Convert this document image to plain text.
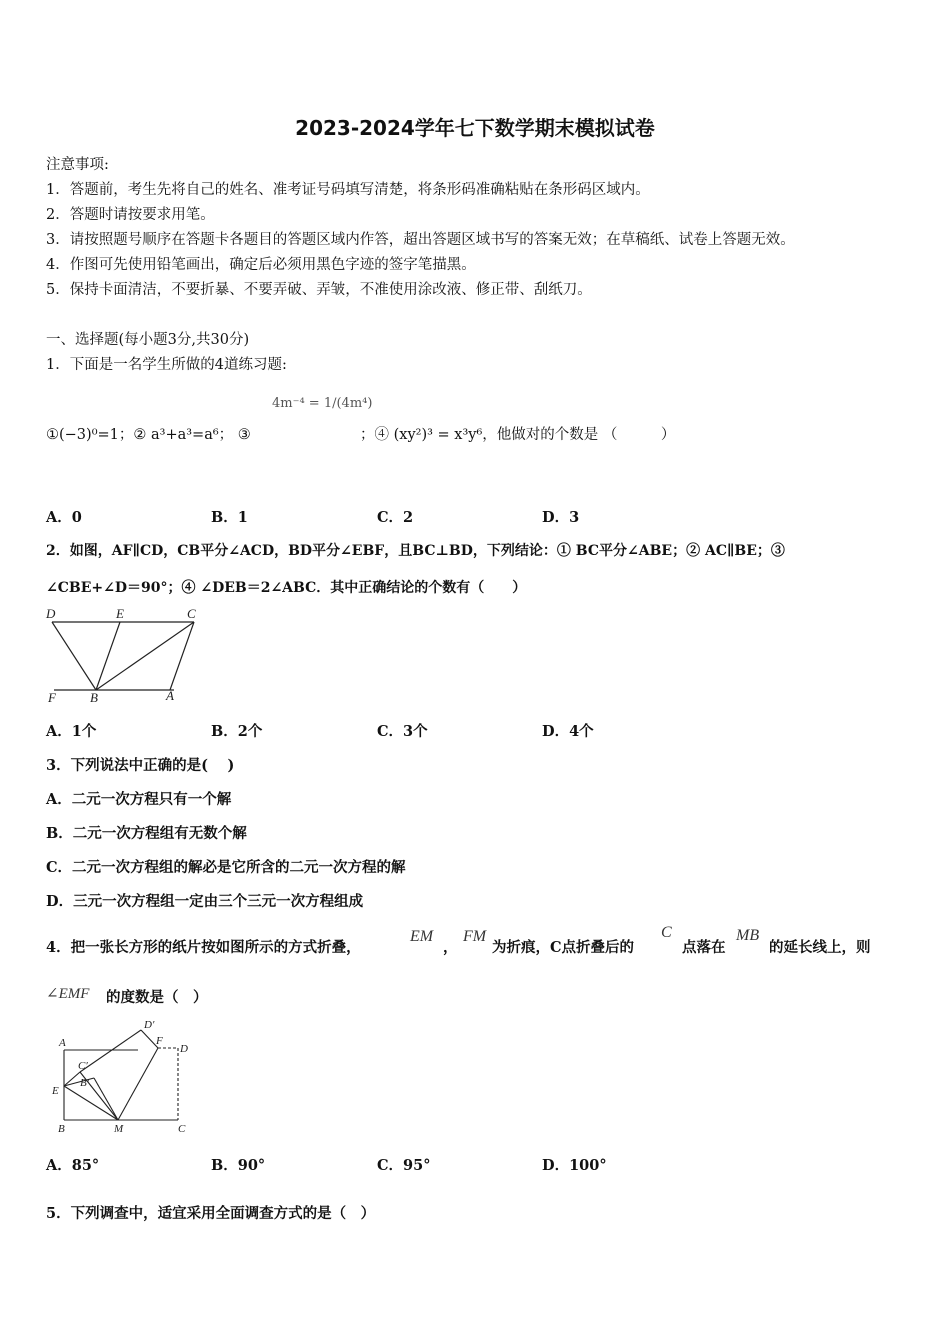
2023-2024学年七下数学期末模拟试卷
注意事项:
1．答题前，考生先将自己的姓名、准考证号码填写清楚，将条形码准确粘贴在条形码区域内。
2．答题时请按要求用笔。
3．请按照题号顺序在答题卡各题目的答题区域内作答，超出答题区域书写的答案无效；在草稿纸、试卷上答题无效。
4．作图可先使用铅笔画出，确定后必须用黑色字迹的签字笔描黑。
5．保持卡面清洁，不要折暴、不要弄破、弄皱，不准使用涂改液、修正带、刮纸刀。
一、选择题(每小题3分,共30分)
1．下面是一名学生所做的4道练习题:
4m⁻⁴ = 1/(4m⁴)
①(−3)⁰=1；② a³+a³=a⁶； ③	；④ (xy²)³ = x³y⁶，他做对的个数是 （　　　）
A．0	B．1	C．2	D．3
2．如图，AF∥CD，CB平分∠ACD，BD平分∠EBF，且BC⊥BD，下列结论：① BC平分∠ABE；② AC∥BE；③
∠CBE+∠D＝90°；④ ∠DEB＝2∠ABC．其中正确结论的个数有（　　）
D	E	C
F	B	A
A．1个	B．2个	C．3个	D．4个
3．下列说法中正确的是(　 )
A．二元一次方程只有一个解
B．二元一次方程组有无数个解
C．二元一次方程组的解必是它所含的二元一次方程的解
D．三元一次方程组一定由三个三元一次方程组成
4．把一张长方形的纸片按如图所示的方式折叠，
EM
，
FM
为折痕，C点折叠后的
C
点落在
MB
的延长线上，则
∠EMF 的度数是（　）
D′
A	F
D
C′
B′
E
B	M	C
A．85°	B．90°	C．95°	D．100°
5．下列调查中，适宜采用全面调查方式的是（　）
